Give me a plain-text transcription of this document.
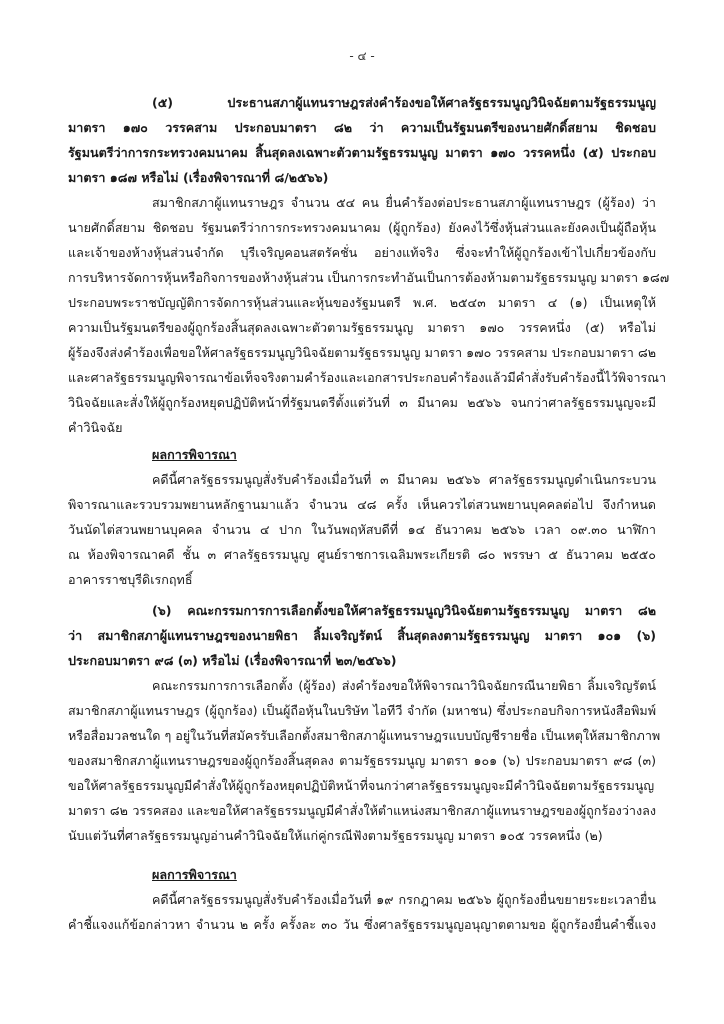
- ๔ -
(๕) ประธานสภาผู้แทนราษฎรส่งคำร้องขอให้ศาลรัฐธรรมนูญวินิจฉัยตามรัฐธรรมนูญ
มาตรา ๑๗๐ วรรคสาม ประกอบมาตรา ๘๒ ว่า ความเป็นรัฐมนตรีของนายศักดิ์สยาม ชิดชอบ
รัฐมนตรีว่าการกระทรวงคมนาคม สิ้นสุดลงเฉพาะตัวตามรัฐธรรมนูญ มาตรา ๑๗๐ วรรคหนึ่ง (๕) ประกอบ
มาตรา ๑๘๗ หรือไม่ (เรื่องพิจารณาที่ ๘/๒๕๖๖)
สมาชิกสภาผู้แทนราษฎร จำนวน ๕๔ คน ยื่นคำร้องต่อประธานสภาผู้แทนราษฎร (ผู้ร้อง) ว่า
นายศักดิ์สยาม ชิดชอบ รัฐมนตรีว่าการกระทรวงคมนาคม (ผู้ถูกร้อง) ยังคงไว้ซึ่งหุ้นส่วนและยังคงเป็นผู้ถือหุ้น
และเจ้าของห้างหุ้นส่วนจำกัด บุรีเจริญคอนสตรัคชั่น อย่างแท้จริง ซึ่งจะทำให้ผู้ถูกร้องเข้าไปเกี่ยวข้องกับ
การบริหารจัดการหุ้นหรือกิจการของห้างหุ้นส่วน เป็นการกระทำอันเป็นการต้องห้ามตามรัฐธรรมนูญ มาตรา ๑๘๗
ประกอบพระราชบัญญัติการจัดการหุ้นส่วนและหุ้นของรัฐมนตรี พ.ศ. ๒๕๔๓ มาตรา ๔ (๑) เป็นเหตุให้
ความเป็นรัฐมนตรีของผู้ถูกร้องสิ้นสุดลงเฉพาะตัวตามรัฐธรรมนูญ มาตรา ๑๗๐ วรรคหนึ่ง (๕) หรือไม่
ผู้ร้องจึงส่งคำร้องเพื่อขอให้ศาลรัฐธรรมนูญวินิจฉัยตามรัฐธรรมนูญ มาตรา ๑๗๐ วรรคสาม ประกอบมาตรา ๘๒
และศาลรัฐธรรมนูญพิจารณาข้อเท็จจริงตามคำร้องและเอกสารประกอบคำร้องแล้วมีคำสั่งรับคำร้องนี้ไว้พิจารณา
วินิจฉัยและสั่งให้ผู้ถูกร้องหยุดปฏิบัติหน้าที่รัฐมนตรีตั้งแต่วันที่ ๓ มีนาคม ๒๕๖๖ จนกว่าศาลรัฐธรรมนูญจะมี
คำวินิจฉัย
ผลการพิจารณา
คดีนี้ศาลรัฐธรรมนูญสั่งรับคำร้องเมื่อวันที่ ๓ มีนาคม ๒๕๖๖ ศาลรัฐธรรมนูญดำเนินกระบวน
พิจารณาและรวบรวมพยานหลักฐานมาแล้ว จำนวน ๔๘ ครั้ง เห็นควรไต่สวนพยานบุคคลต่อไป จึงกำหนด
วันนัดไต่สวนพยานบุคคล จำนวน ๔ ปาก ในวันพฤหัสบดีที่ ๑๔ ธันวาคม ๒๕๖๖ เวลา ๐๙.๓๐ นาฬิกา
ณ ห้องพิจารณาคดี ชั้น ๓ ศาลรัฐธรรมนูญ ศูนย์ราชการเฉลิมพระเกียรติ ๘๐ พรรษา ๕ ธันวาคม ๒๕๕๐
อาคารราชบุรีดิเรกฤทธิ์
(๖) คณะกรรมการการเลือกตั้งขอให้ศาลรัฐธรรมนูญวินิจฉัยตามรัฐธรรมนูญ มาตรา ๘๒
ว่า สมาชิกสภาผู้แทนราษฎรของนายพิธา ลิ้มเจริญรัตน์ สิ้นสุดลงตามรัฐธรรมนูญ มาตรา ๑๐๑ (๖)
ประกอบมาตรา ๙๘ (๓) หรือไม่ (เรื่องพิจารณาที่ ๒๓/๒๕๖๖)
คณะกรรมการการเลือกตั้ง (ผู้ร้อง) ส่งคำร้องขอให้พิจารณาวินิจฉัยกรณีนายพิธา ลิ้มเจริญรัตน์
สมาชิกสภาผู้แทนราษฎร (ผู้ถูกร้อง) เป็นผู้ถือหุ้นในบริษัท ไอทีวี จำกัด (มหาชน) ซึ่งประกอบกิจการหนังสือพิมพ์
หรือสื่อมวลชนใด ๆ อยู่ในวันที่สมัครรับเลือกตั้งสมาชิกสภาผู้แทนราษฎรแบบบัญชีรายชื่อ เป็นเหตุให้สมาชิกภาพ
ของสมาชิกสภาผู้แทนราษฎรของผู้ถูกร้องสิ้นสุดลง ตามรัฐธรรมนูญ มาตรา ๑๐๑ (๖) ประกอบมาตรา ๙๘ (๓)
ขอให้ศาลรัฐธรรมนูญมีคำสั่งให้ผู้ถูกร้องหยุดปฏิบัติหน้าที่จนกว่าศาลรัฐธรรมนูญจะมีคำวินิจฉัยตามรัฐธรรมนูญ
มาตรา ๘๒ วรรคสอง และขอให้ศาลรัฐธรรมนูญมีคำสั่งให้ตำแหน่งสมาชิกสภาผู้แทนราษฎรของผู้ถูกร้องว่างลง
นับแต่วันที่ศาลรัฐธรรมนูญอ่านคำวินิจฉัยให้แก่คู่กรณีฟังตามรัฐธรรมนูญ มาตรา ๑๐๕ วรรคหนึ่ง (๒)
ผลการพิจารณา
คดีนี้ศาลรัฐธรรมนูญสั่งรับคำร้องเมื่อวันที่ ๑๙ กรกฎาคม ๒๕๖๖ ผู้ถูกร้องยื่นขยายระยะเวลายื่น
คำชี้แจงแก้ข้อกล่าวหา จำนวน ๒ ครั้ง ครั้งละ ๓๐ วัน ซึ่งศาลรัฐธรรมนูญอนุญาตตามขอ ผู้ถูกร้องยื่นคำชี้แจง
